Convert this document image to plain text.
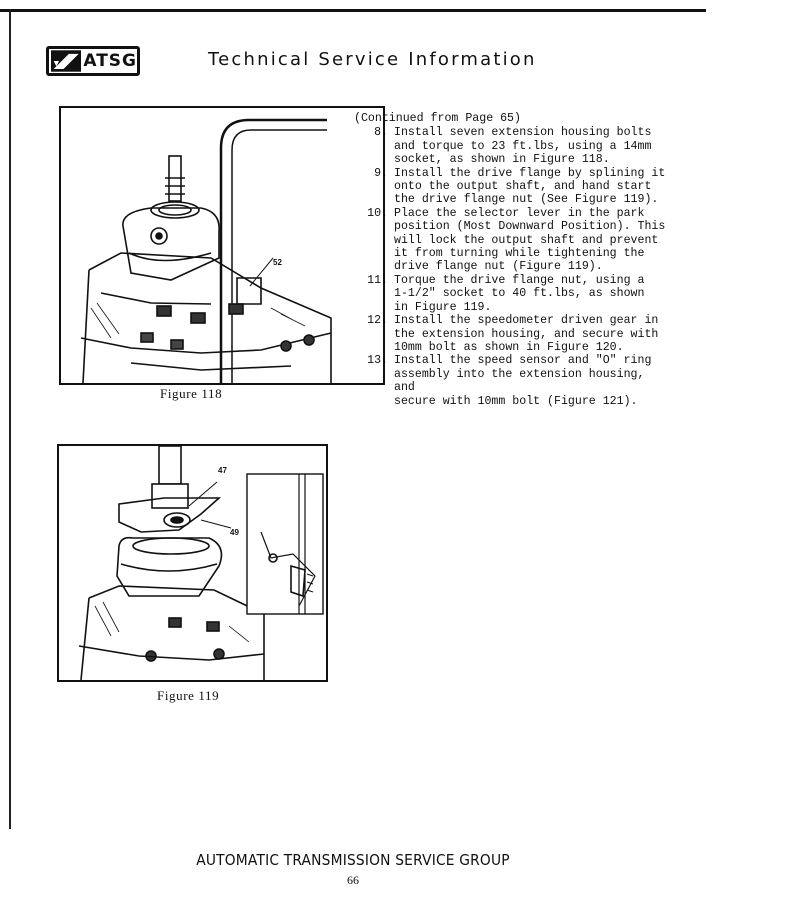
ATSG	Technical Service Information
Figure 118
52
47
49
Figure 119
(Continued from Page 65)
8. Install seven extension housing bolts
and torque to 23 ft.lbs, using a 14mm
socket, as shown in Figure 118.
9. Install the drive flange by splining it
onto the output shaft, and hand start
the drive flange nut (See Figure 119).
10. Place the selector lever in the park
position (Most Downward Position). This
will lock the output shaft and prevent
it from turning while tightening the
drive flange nut (Figure 119).
11. Torque the drive flange nut, using a
1-1/2" socket to 40 ft.lbs, as shown
in Figure 119.
12. Install the speedometer driven gear in
the extension housing, and secure with
10mm bolt as shown in Figure 120.
13. Install the speed sensor and "O" ring
assembly into the extension housing, and
secure with 10mm bolt (Figure 121).
AUTOMATIC TRANSMISSION SERVICE GROUP
66
